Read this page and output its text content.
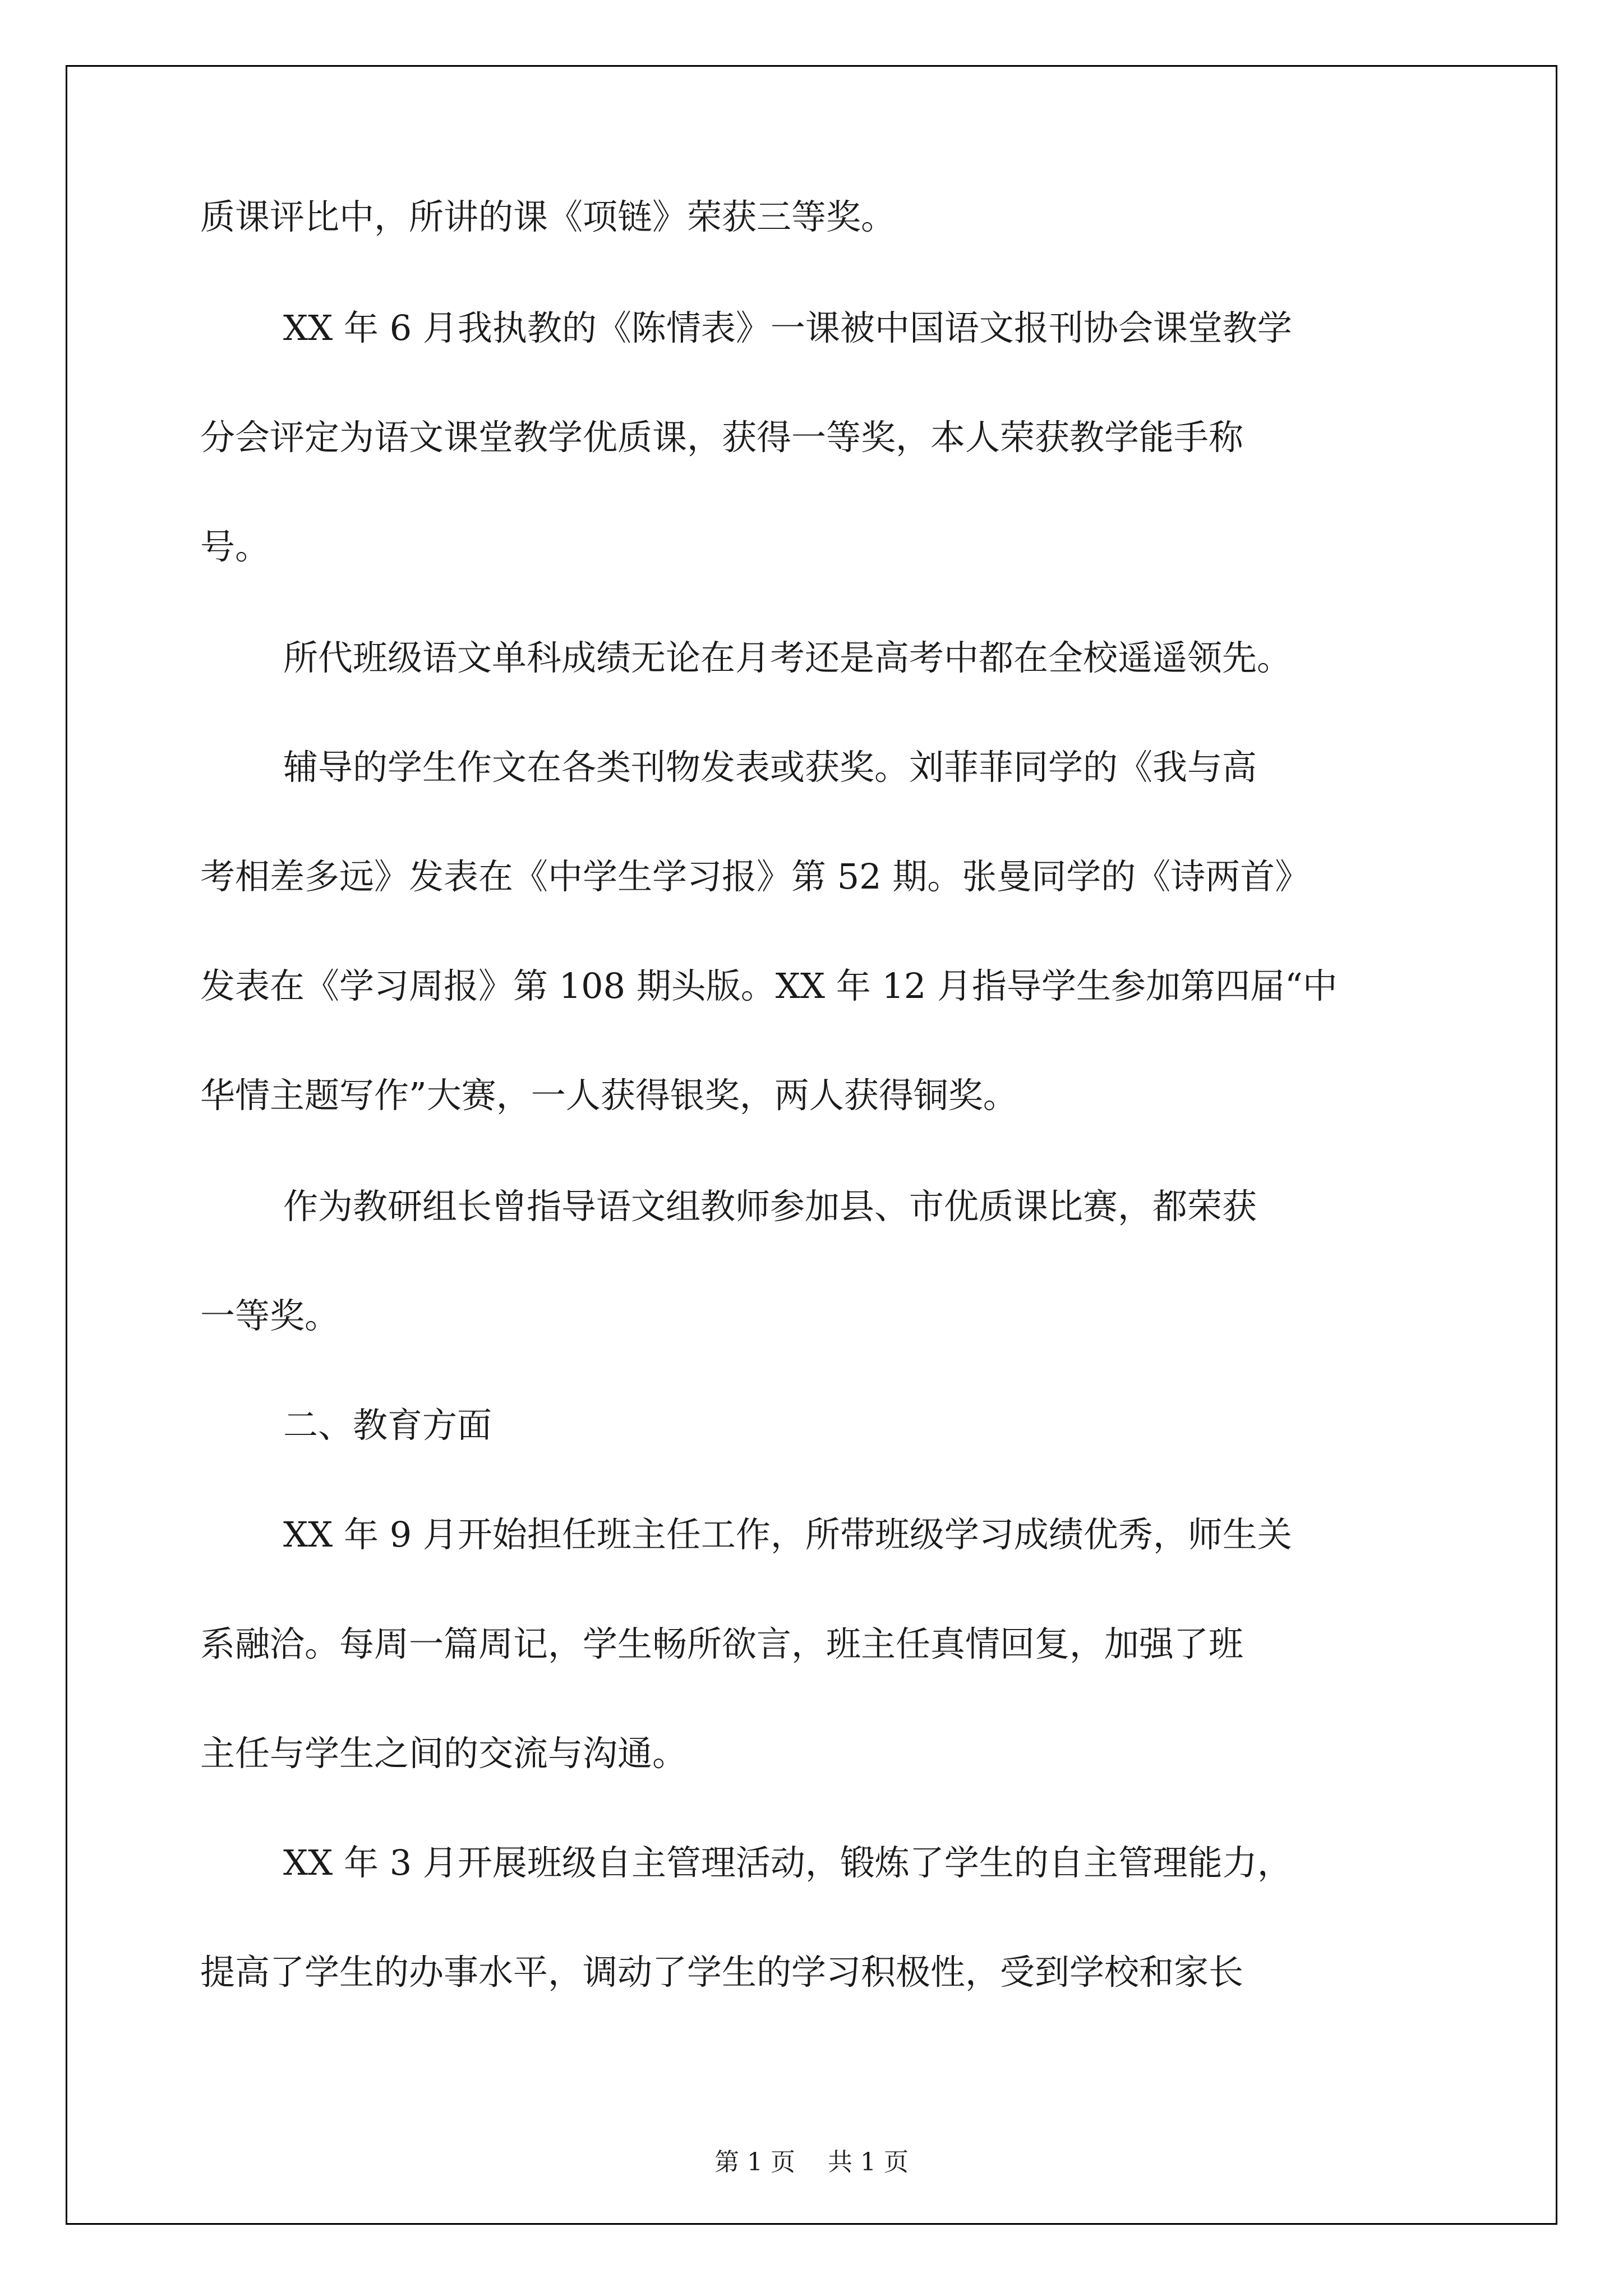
质课评比中，所讲的课《项链》荣获三等奖。
XX 年 6 月我执教的《陈情表》一课被中国语文报刊协会课堂教学
分会评定为语文课堂教学优质课，获得一等奖，本人荣获教学能手称
号。
所代班级语文单科成绩无论在月考还是高考中都在全校遥遥领先。
辅导的学生作文在各类刊物发表或获奖。刘菲菲同学的《我与高
考相差多远》发表在《中学生学习报》第 52 期。张曼同学的《诗两首》
发表在《学习周报》第 108 期头版。XX 年 12 月指导学生参加第四届“中
华情主题写作”大赛，一人获得银奖，两人获得铜奖。
作为教研组长曾指导语文组教师参加县、市优质课比赛，都荣获
一等奖。
二、教育方面
XX 年 9 月开始担任班主任工作，所带班级学习成绩优秀，师生关
系融洽。每周一篇周记，学生畅所欲言，班主任真情回复，加强了班
主任与学生之间的交流与沟通。
XX 年 3 月开展班级自主管理活动，锻炼了学生的自主管理能力，
提高了学生的办事水平，调动了学生的学习积极性，受到学校和家长
第 1 页　 共 1 页
